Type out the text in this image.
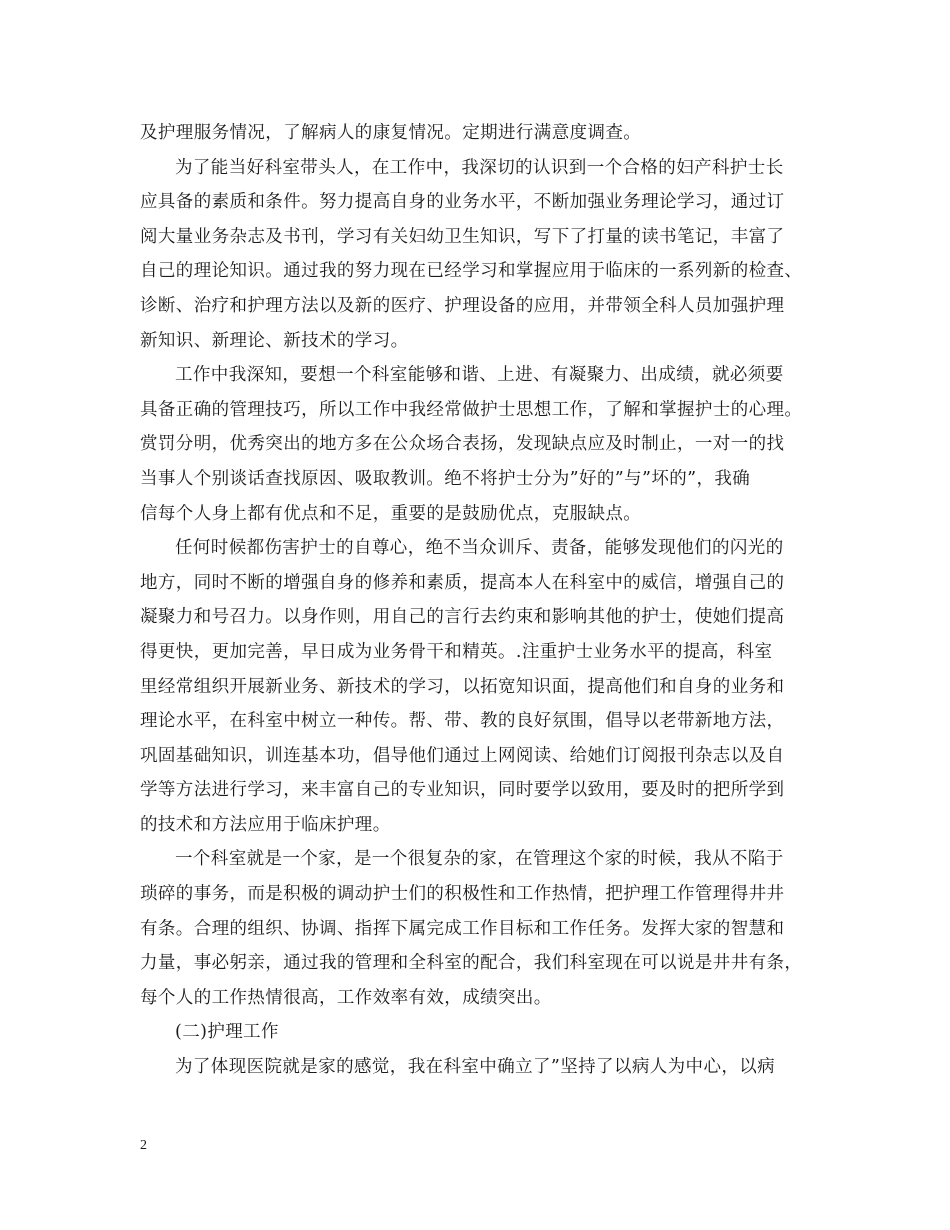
及护理服务情况，了解病人的康复情况。定期进行满意度调查。
为了能当好科室带头人，在工作中，我深切的认识到一个合格的妇产科护士长
应具备的素质和条件。努力提高自身的业务水平，不断加强业务理论学习，通过订
阅大量业务杂志及书刊，学习有关妇幼卫生知识，写下了打量的读书笔记，丰富了
自己的理论知识。通过我的努力现在已经学习和掌握应用于临床的一系列新的检查、
诊断、治疗和护理方法以及新的医疗、护理设备的应用，并带领全科人员加强护理
新知识、新理论、新技术的学习。
工作中我深知，要想一个科室能够和谐、上进、有凝聚力、出成绩，就必须要
具备正确的管理技巧，所以工作中我经常做护士思想工作，了解和掌握护士的心理。
赏罚分明，优秀突出的地方多在公众场合表扬，发现缺点应及时制止，一对一的找
当事人个别谈话查找原因、吸取教训。绝不将护士分为”好的”与”坏的”，我确
信每个人身上都有优点和不足，重要的是鼓励优点，克服缺点。
任何时候都伤害护士的自尊心，绝不当众训斥、责备，能够发现他们的闪光的
地方，同时不断的增强自身的修养和素质，提高本人在科室中的威信，增强自己的
凝聚力和号召力。以身作则，用自己的言行去约束和影响其他的护士，使她们提高
得更快，更加完善，早日成为业务骨干和精英。.注重护士业务水平的提高，科室
里经常组织开展新业务、新技术的学习，以拓宽知识面，提高他们和自身的业务和
理论水平，在科室中树立一种传。帮、带、教的良好氛围，倡导以老带新地方法，
巩固基础知识，训连基本功，倡导他们通过上网阅读、给她们订阅报刊杂志以及自
学等方法进行学习，来丰富自己的专业知识，同时要学以致用，要及时的把所学到
的技术和方法应用于临床护理。
一个科室就是一个家，是一个很复杂的家，在管理这个家的时候，我从不陷于
琐碎的事务，而是积极的调动护士们的积极性和工作热情，把护理工作管理得井井
有条。合理的组织、协调、指挥下属完成工作目标和工作任务。发挥大家的智慧和
力量，事必躬亲，通过我的管理和全科室的配合，我们科室现在可以说是井井有条，
每个人的工作热情很高，工作效率有效，成绩突出。
(二)护理工作
为了体现医院就是家的感觉，我在科室中确立了”坚持了以病人为中心，以病
2
